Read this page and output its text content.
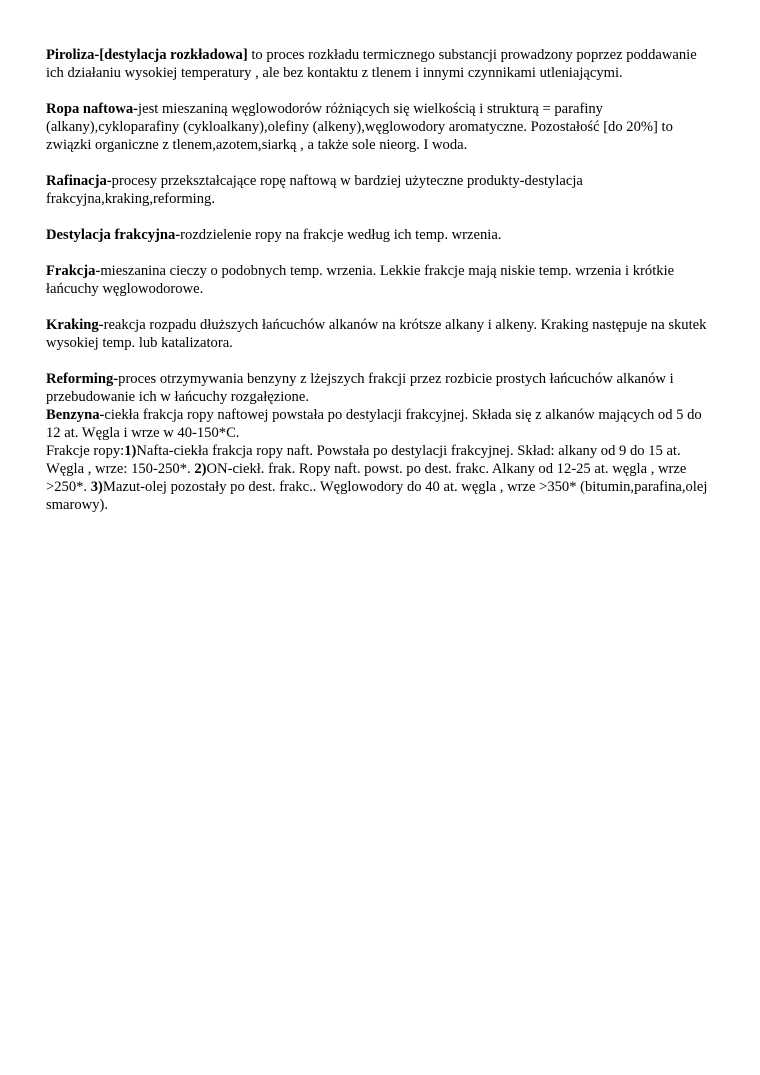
Piroliza-[destylacja rozkładowa] to proces rozkładu termicznego substancji prowadzony poprzez poddawanie ich działaniu wysokiej temperatury , ale bez kontaktu z tlenem i innymi czynnikami utleniającymi.

Ropa naftowa-jest mieszaniną węglowodorów różniących się wielkością i strukturą = parafiny (alkany),cykloparafiny (cykloalkany),olefiny (alkeny),węglowodory aromatyczne. Pozostałość [do 20%] to związki organiczne z tlenem,azotem,siarką , a także sole nieorg. I woda.

Rafinacja-procesy przekształcające ropę naftową w bardziej użyteczne produkty-destylacja frakcyjna,kraking,reforming.

Destylacja frakcyjna-rozdzielenie ropy na frakcje według ich temp. wrzenia.

Frakcja-mieszanina cieczy o podobnych temp. wrzenia. Lekkie frakcje mają niskie temp. wrzenia i krótkie łańcuchy węglowodorowe.

Kraking-reakcja rozpadu dłuższych łańcuchów alkanów na krótsze alkany i alkeny. Kraking następuje na skutek wysokiej temp. lub katalizatora.

Reforming-proces otrzymywania benzyny z lżejszych frakcji przez rozbicie prostych łańcuchów alkanów i przebudowanie ich w łańcuchy rozgałęzione.

Benzyna-ciekła frakcja ropy naftowej powstała po destylacji frakcyjnej. Składa się z alkanów mających od 5 do 12 at. Węgla i wrze w 40-150*C.

Frakcje ropy:1)Nafta-ciekła frakcja ropy naft. Powstała po destylacji frakcyjnej. Skład: alkany od 9 do 15 at. Węgla , wrze: 150-250*. 2)ON-ciekł. frak. Ropy naft. powst. po dest. frakc. Alkany od 12-25 at. węgla , wrze >250*. 3)Mazut-olej pozostały po dest. frakc.. Węglowodory do 40 at. węgla , wrze >350* (bitumin,parafina,olej smarowy).
